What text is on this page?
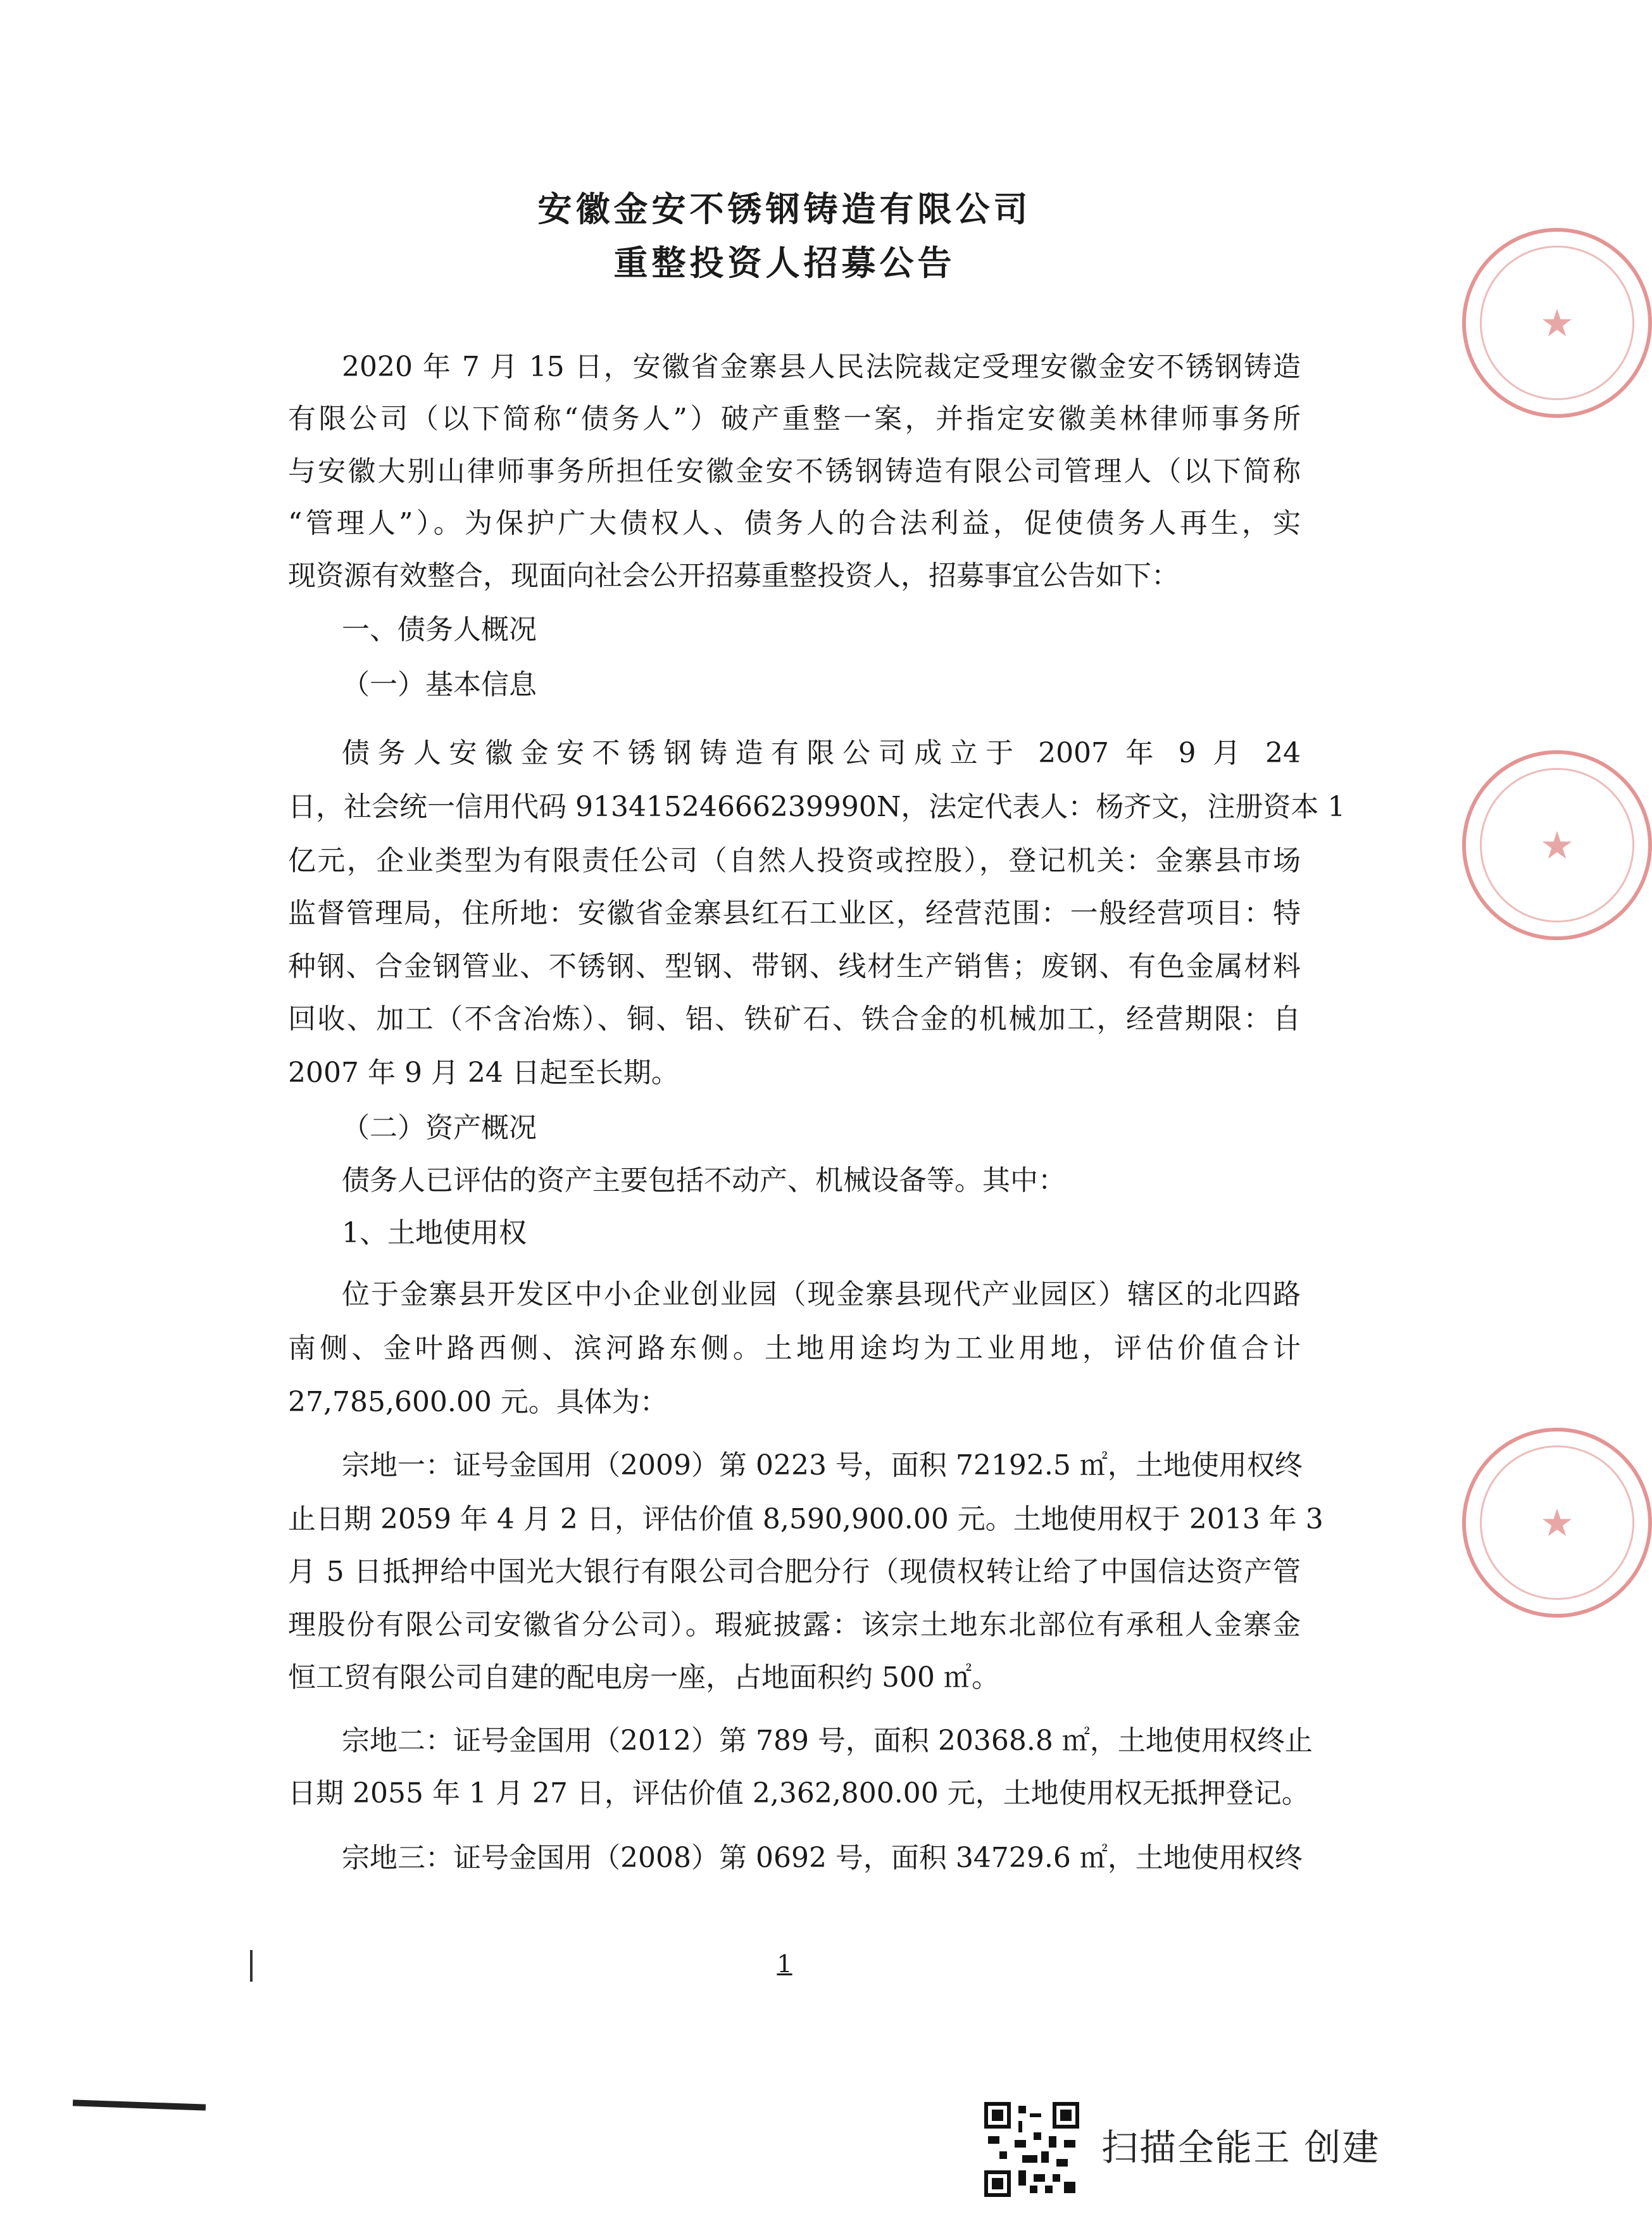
安徽金安不锈钢铸造有限公司
重整投资人招募公告
2020 年 7 月 15 日，安徽省金寨县人民法院裁定受理安徽金安不锈钢铸造
有限公司（以下简称“债务人”）破产重整一案，并指定安徽美林律师事务所
与安徽大别山律师事务所担任安徽金安不锈钢铸造有限公司管理人（以下简称
“管理人”）。为保护广大债权人、债务人的合法利益，促使债务人再生，实
现资源有效整合，现面向社会公开招募重整投资人，招募事宜公告如下：
一、债务人概况
（一）基本信息
债务人安徽金安不锈钢铸造有限公司成立于 2007 年 9 月 24
日，社会统一信用代码 91341524666239990N，法定代表人：杨齐文，注册资本 1
亿元，企业类型为有限责任公司（自然人投资或控股），登记机关：金寨县市场
监督管理局，住所地：安徽省金寨县红石工业区，经营范围：一般经营项目：特
种钢、合金钢管业、不锈钢、型钢、带钢、线材生产销售；废钢、有色金属材料
回收、加工（不含冶炼）、铜、铝、铁矿石、铁合金的机械加工，经营期限：自
2007 年 9 月 24 日起至长期。
（二）资产概况
债务人已评估的资产主要包括不动产、机械设备等。其中：
1、土地使用权
位于金寨县开发区中小企业创业园（现金寨县现代产业园区）辖区的北四路
南侧、金叶路西侧、滨河路东侧。土地用途均为工业用地，评估价值合计
27,785,600.00 元。具体为：
宗地一：证号金国用（2009）第 0223 号，面积 72192.5 ㎡，土地使用权终
止日期 2059 年 4 月 2 日，评估价值 8,590,900.00 元。土地使用权于 2013 年 3
月 5 日抵押给中国光大银行有限公司合肥分行（现债权转让给了中国信达资产管
理股份有限公司安徽省分公司）。瑕疵披露：该宗土地东北部位有承租人金寨金
恒工贸有限公司自建的配电房一座，占地面积约 500 ㎡。
宗地二：证号金国用（2012）第 789 号，面积 20368.8 ㎡，土地使用权终止
日期 2055 年 1 月 27 日，评估价值 2,362,800.00 元，土地使用权无抵押登记。
宗地三：证号金国用（2008）第 0692 号，面积 34729.6 ㎡，土地使用权终
1
★
★
★
扫描全能王 创建
